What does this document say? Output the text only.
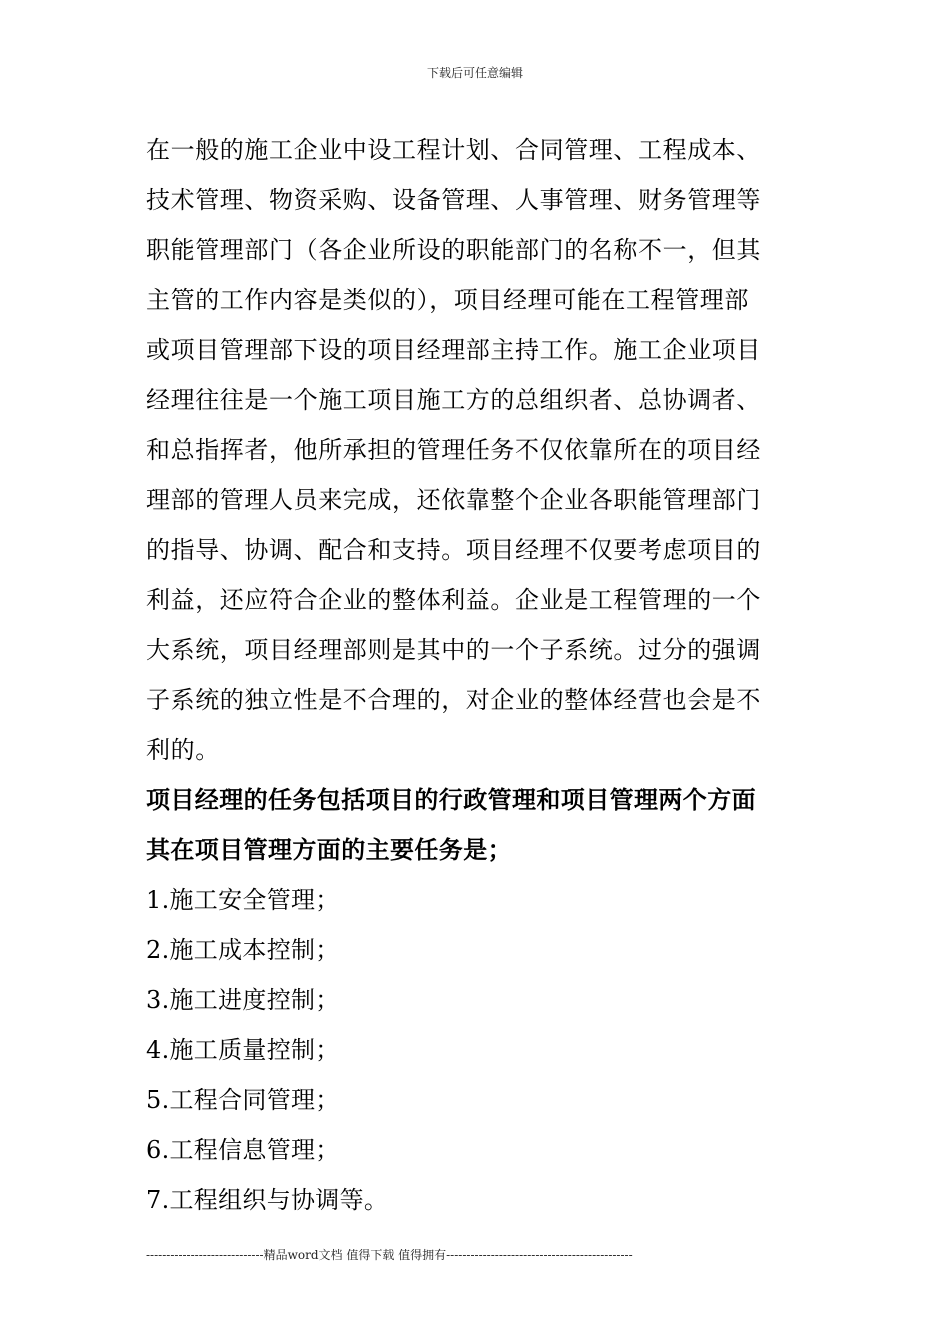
下载后可任意编辑
在一般的施工企业中设工程计划、合同管理、工程成本、
技术管理、物资采购、设备管理、人事管理、财务管理等
职能管理部门（各企业所设的职能部门的名称不一，但其
主管的工作内容是类似的），项目经理可能在工程管理部
或项目管理部下设的项目经理部主持工作。施工企业项目
经理往往是一个施工项目施工方的总组织者、总协调者、
和总指挥者，他所承担的管理任务不仅依靠所在的项目经
理部的管理人员来完成，还依靠整个企业各职能管理部门
的指导、协调、配合和支持。项目经理不仅要考虑项目的
利益，还应符合企业的整体利益。企业是工程管理的一个
大系统，项目经理部则是其中的一个子系统。过分的强调
子系统的独立性是不合理的，对企业的整体经营也会是不
利的。
项目经理的任务包括项目的行政管理和项目管理两个方面
其在项目管理方面的主要任务是；
1.施工安全管理；
2.施工成本控制；
3.施工进度控制；
4.施工质量控制；
5.工程合同管理；
6.工程信息管理；
7.工程组织与协调等。
-----------------------------精品word文档 值得下载 值得拥有----------------------------------------------
